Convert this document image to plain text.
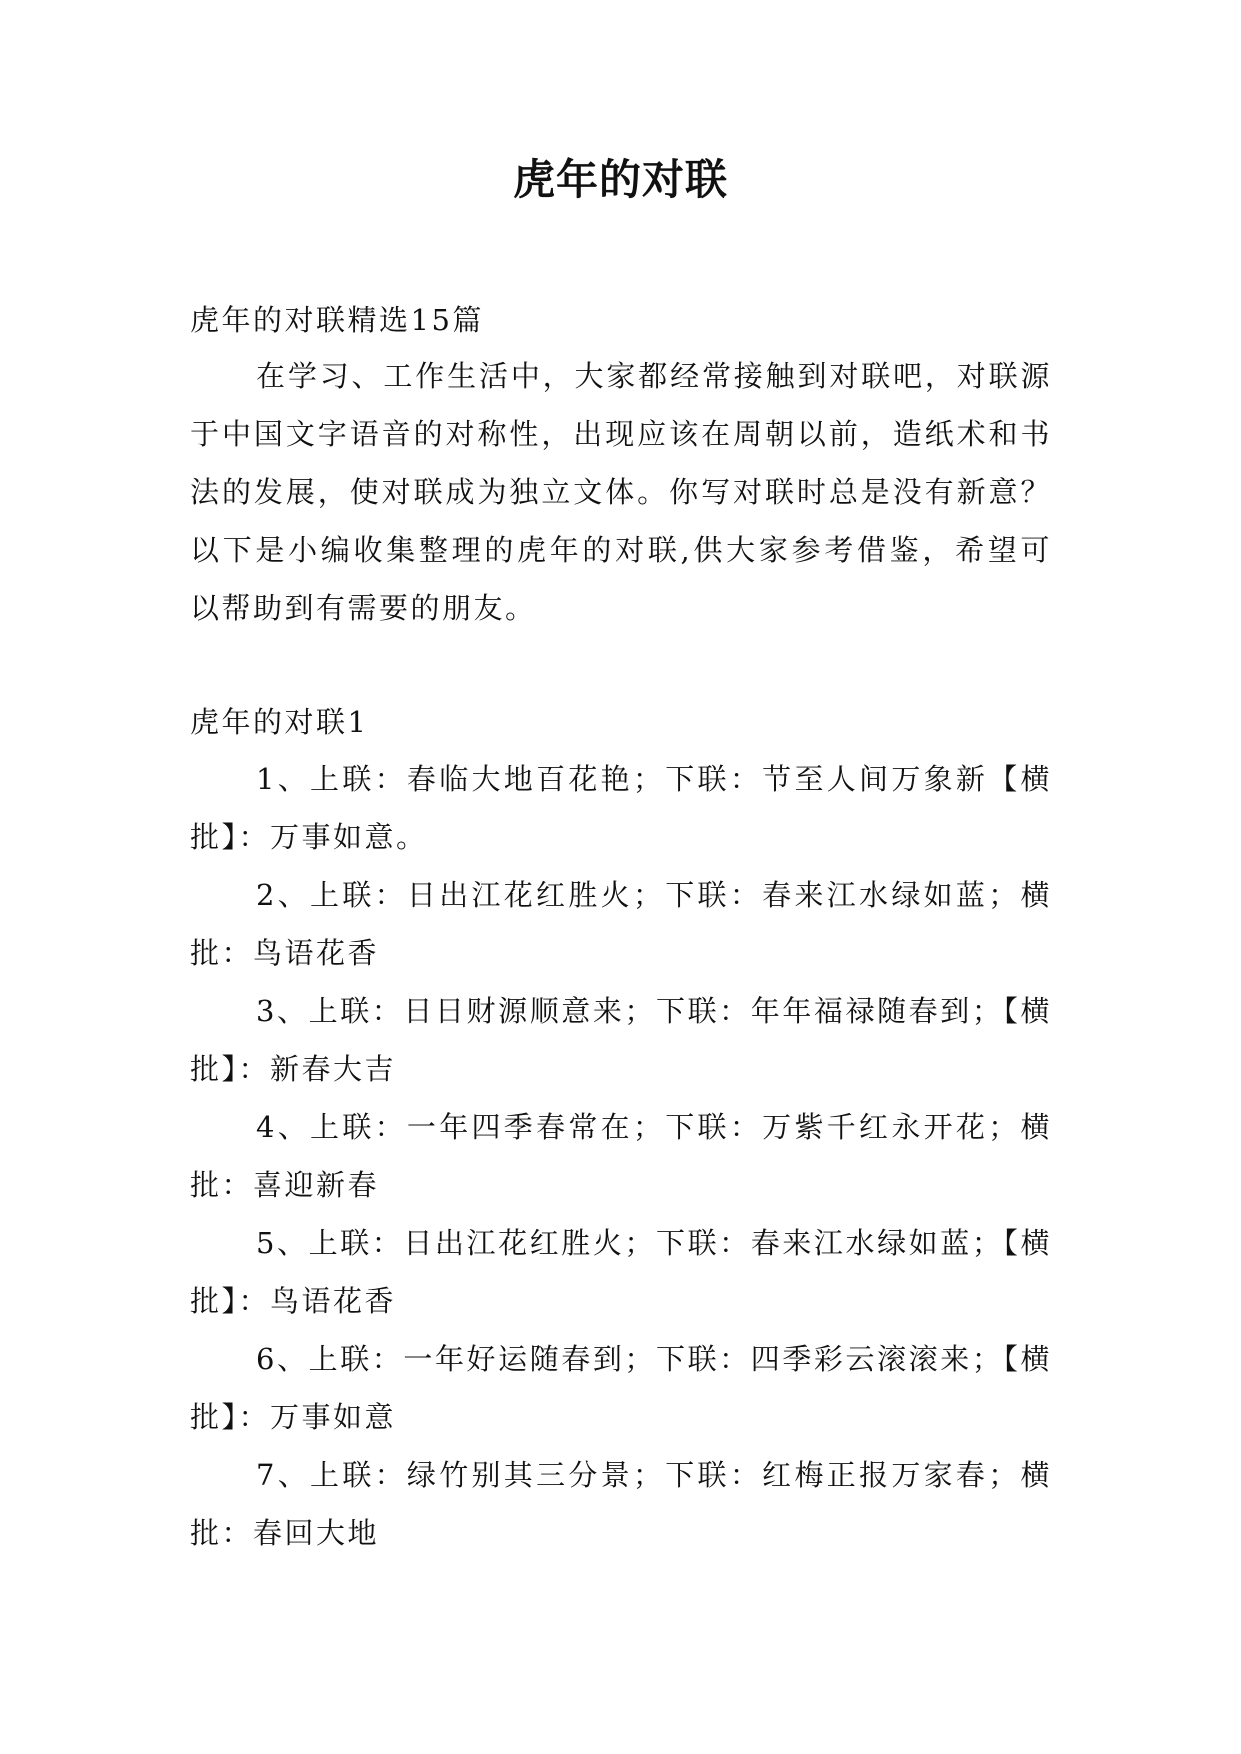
虎年的对联

虎年的对联精选15篇

在学习、工作生活中，大家都经常接触到对联吧，对联源于中国文字语音的对称性，出现应该在周朝以前，造纸术和书法的发展，使对联成为独立文体。你写对联时总是没有新意？以下是小编收集整理的虎年的对联,供大家参考借鉴，希望可以帮助到有需要的朋友。

虎年的对联1

1、上联：春临大地百花艳；下联：节至人间万象新【横批】：万事如意。

2、上联：日出江花红胜火；下联：春来江水绿如蓝；横批：鸟语花香

3、上联：日日财源顺意来；下联：年年福禄随春到；【横批】：新春大吉

4、上联：一年四季春常在；下联：万紫千红永开花；横批：喜迎新春

5、上联：日出江花红胜火；下联：春来江水绿如蓝；【横批】：鸟语花香

6、上联：一年好运随春到；下联：四季彩云滚滚来；【横批】：万事如意

7、上联：绿竹别其三分景；下联：红梅正报万家春；横批：春回大地
